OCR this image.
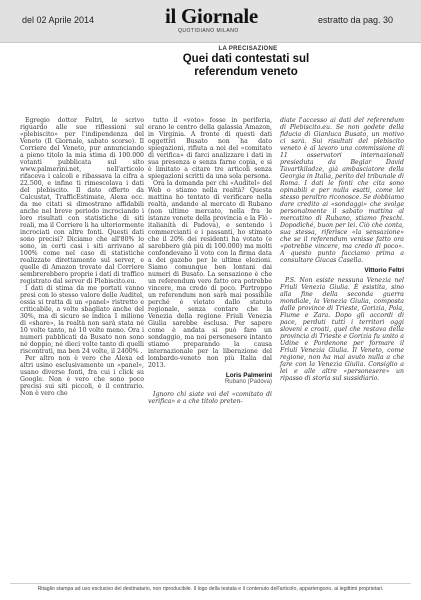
del 02 Aprile 2014	il Giornale
QUOTIDIANO MILANO
estratto da pag. 30
LA PRECISAZIONE
Quei dati contestati sul referendum veneto

Egregio dottor Feltri, le scrivo riguardo alle sue riflessioni sul «plebiscito» per l'indipendenza del Veneto (Il Giornale, sabato scorso). Il Corriere del Veneto, pur annunciando a pieno titolo la mia stima di 100.000 votanti pubblicata sul sito www.palmerini.net, nell'articolo rifaceva i calcoli e ribassava la cifra a 22.500, e infine ti rimescolava i dati del plebiscito. Il dato offerto da Calcustat, TrafficEstimate, Alexa ecc. da me citati si dimostrano affidabili anche nel breve periodo incrociando i loro risultati con statistiche di siti reali, ma il Corriere li ha ulteriormente incrociati con altre fonti. Questi dati sono precisi? Diciamo che all'80% lo sono, in certi casi i siti arrivano al 100% come nel caso di statistiche realizzate direttamente sul server, e quelle di Amazon trovate dal Corriere sembrerebbero proprie i dati di traffico registrato dal server di Plebiscito.eu.

I dati di stima da me portati vanno presi con lo stesso valore delle Auditel, ossia si tratta di un «panel» ristretto e criticabile, a volte sbagliato anche del 30%, ma di sicuro se indica 1 milione di «share», la realtà non sarà stata né 10 volte tanto, né 10 volte meno. Ora i numeri pubblicati da Busato non sono né doppio, né dieci volte tanto di quelli riscontrati, ma ben 24 volte, il 2400% .

Per altro non è vero che Alexa ed altri usino esclusivamente un «panel», usano diverse fonti, fra cui i click su Google. Non è vero che sono poco precisi sui siti piccoli, è il contrario. Non è vero che

tutto il «voto» fosse in periferia, erano le centro della galassia Amazon, in Virginia. A fronte di questi dati oggettivi Busato non ha dato spiegazioni, rifiuta a noi del «comitato di verifica» di farci analizzare i dati in sua presenza e senza farne copia, e si è limitato a citare tre articoli senza spiegazioni scritti da una sola persona.

Ora la domanda per chi «Auditel» del Web o stiamo nella realtà? Questa mattina ho tentato di verificare nella realtà, andando al mercato di Rubano (non ultimo mercato, nella fra le istanze venete della provincia e la Flò - italianità di Padova), e sentendo i commercianti e i passanti, ho stimato che il 20% dei residenti ha votato (e sarebbero già più di 100.000) ma molti confondevano il voto con la firma data a dei gazebo per le ultime elezioni. Siamo comunque ben lontani dai numeri di Busato. La sensazione è che un referendum vero fatto ora potrebbe vincere, ma credo di poco. Purtroppo un referendum non sarà mai possibile perché è vietato dallo statuto regionale, senza contare che la Venezia della regione Friuli Venezia Giulia sarebbe esclusa. Per sapere come è andata si può fare un sondaggio, ma noi personesere intanto stiamo preparando la causa internazionale per la liberazione del lombardo-veneto non più Italia dal 2013.

Loris Palmerini
Rubano (Padova)

Ignoro chi siate voi del «comitato di verifica» e a che titolo preten-

diate l'accesso ai dati del referendum di Plebiscito.eu. Se non godete della fiducia di Gianluca Busato, un motivo ci sarà. Sui risultati del plebiscito veneto è al lavoro una commissione di 11 osservatori internazionali presieduta da Beglar David Tavartkiladze, già ambasciatore della Georgia in Italia, perito del tribunale di Roma. I dati le fonti che cita sono opinabili e per nulla esatti, come lei stesso peraltro riconosce. Se dobbiamo dare credito ai «sondaggi» che svolge personalmente il sabato mattina al mercatino di Rubano, stiamo freschi. Dopodiché, buon per lei. Ciò che conta, sua stessa, riferisce «la sensazione» che se il referendum venisse fatto ora «potrebbe vincere, ma credo di poco». A questo punto facciamo prima a consultare Giucas Casella.

Vittorio Feltri

P.S. Non esiste nessuna Venezia nel Friuli Venezia Giulia. È esistita, sino alla fine della seconda guerra mondiale, la Venezia Giulia, composta dalle province di Trieste, Gorizia, Pola, Fiume e Zara. Dopo gli accordi di pace, perduti tutti i territori oggi sloveni e croati, quel che restava della provincia di Trieste e Gorizia fu unito a Udine e Pordenone per formare il Friuli Venezia Giulia. Il Veneto, come regione, non ha mai avuto nulla a che fare con la Venezia Giulia. Consiglio a lei e alle altre «personesere» un ripasso di storia sul sussidiario.

Ritaglio stampa ad uso esclusivo del destinatario, non riproducibile. Il logo della testata e il contenuto dell'articolo, appartengono, ai legittimi proprietari.
